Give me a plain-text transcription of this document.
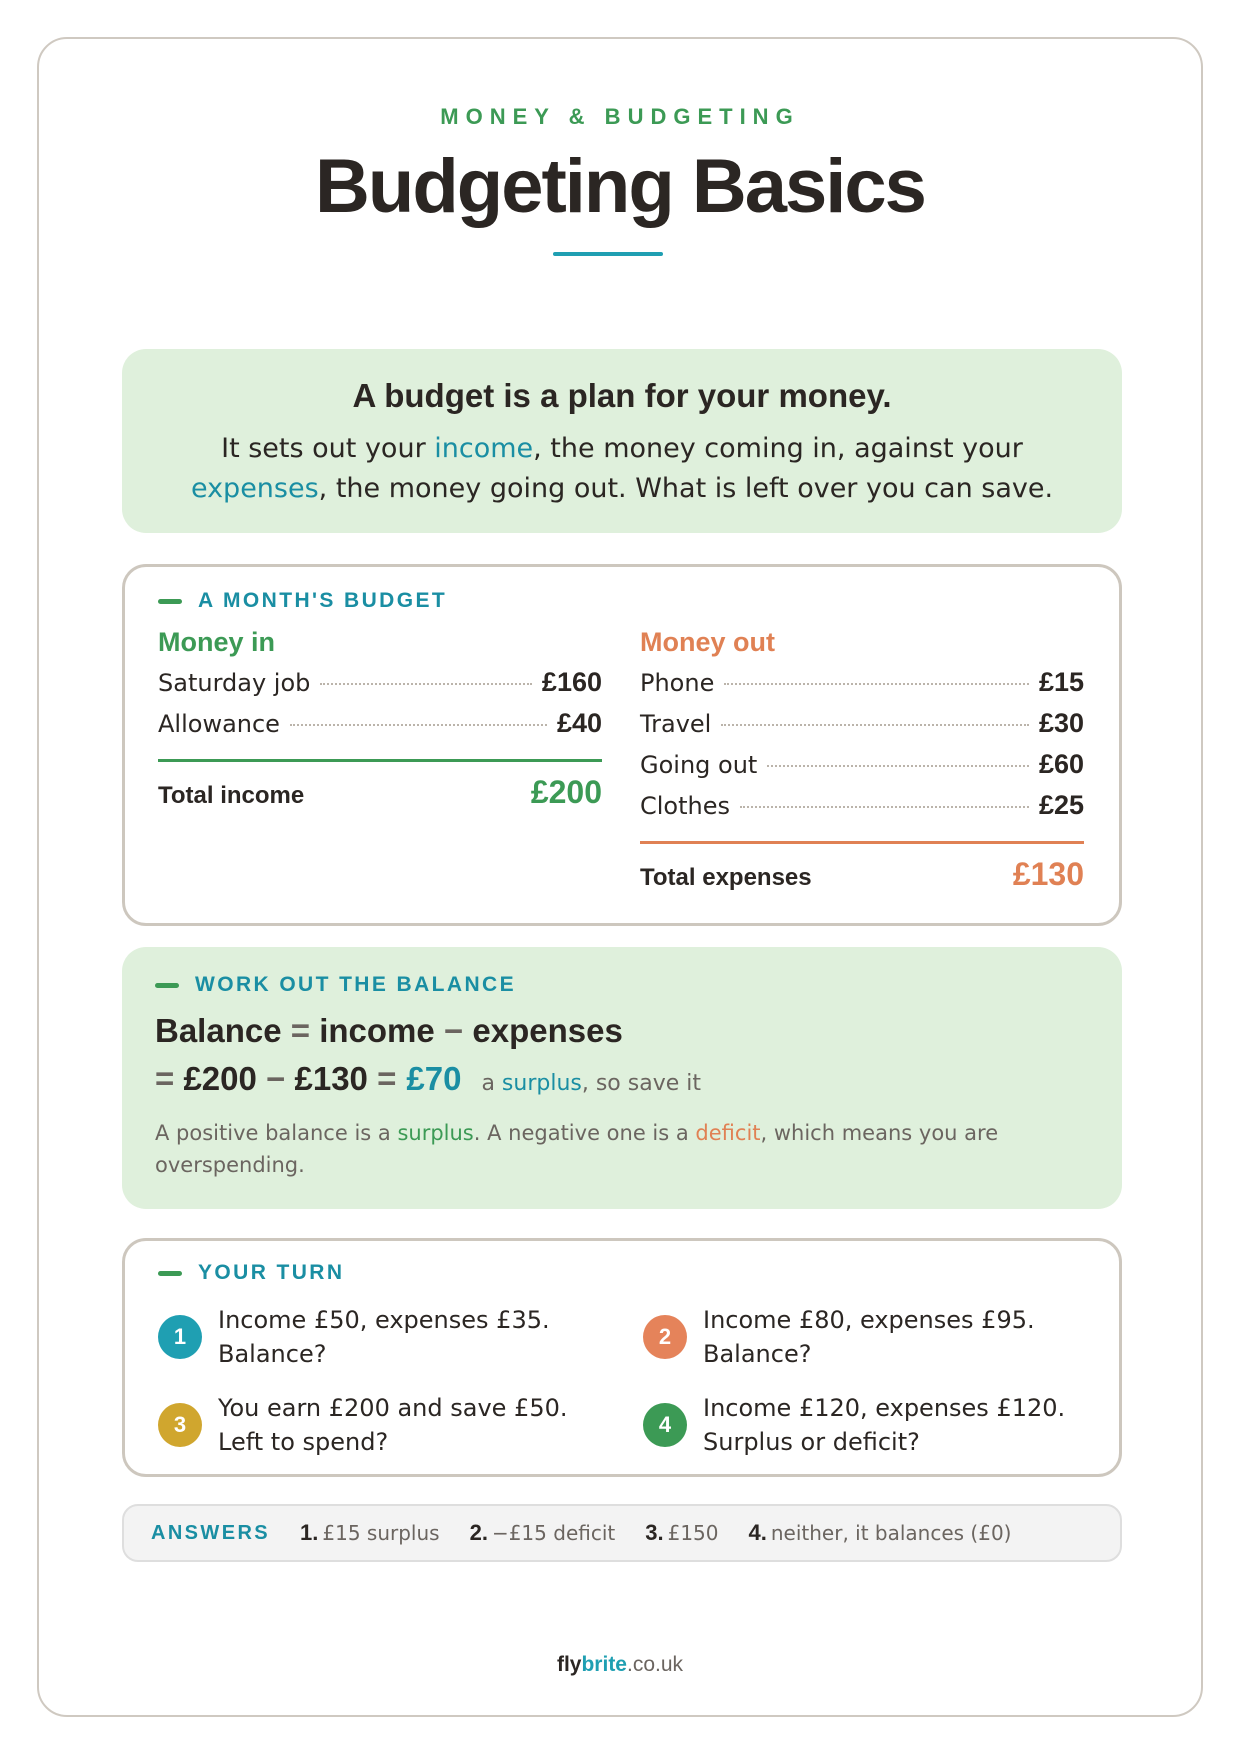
MONEY & BUDGETING
Budgeting Basics
A budget is a plan for your money.
It sets out your income, the money coming in, against your expenses, the money going out. What is left over you can save.
A MONTH'S BUDGET
Money in
Saturday job	£160
Allowance	£40
Total income	£200
Money out
Phone	£15
Travel	£30
Going out	£60
Clothes	£25
Total expenses	£130
WORK OUT THE BALANCE
Balance = income − expenses
=
£200
−
£130
= £70 a surplus, so save it
A positive balance is a surplus. A negative one is a deficit, which means you are overspending.
YOUR TURN
1
Income £50, expenses £35.
Balance?
2
Income £80, expenses £95.
Balance?
3
You earn £200 and save £50.
Left to spend?
4
Income £120, expenses £120.
Surplus or deficit?
ANSWERS 1. £15 surplus 2. −£15 deficit 3. £150 4. neither, it balances (£0)
flybrite.co.uk
